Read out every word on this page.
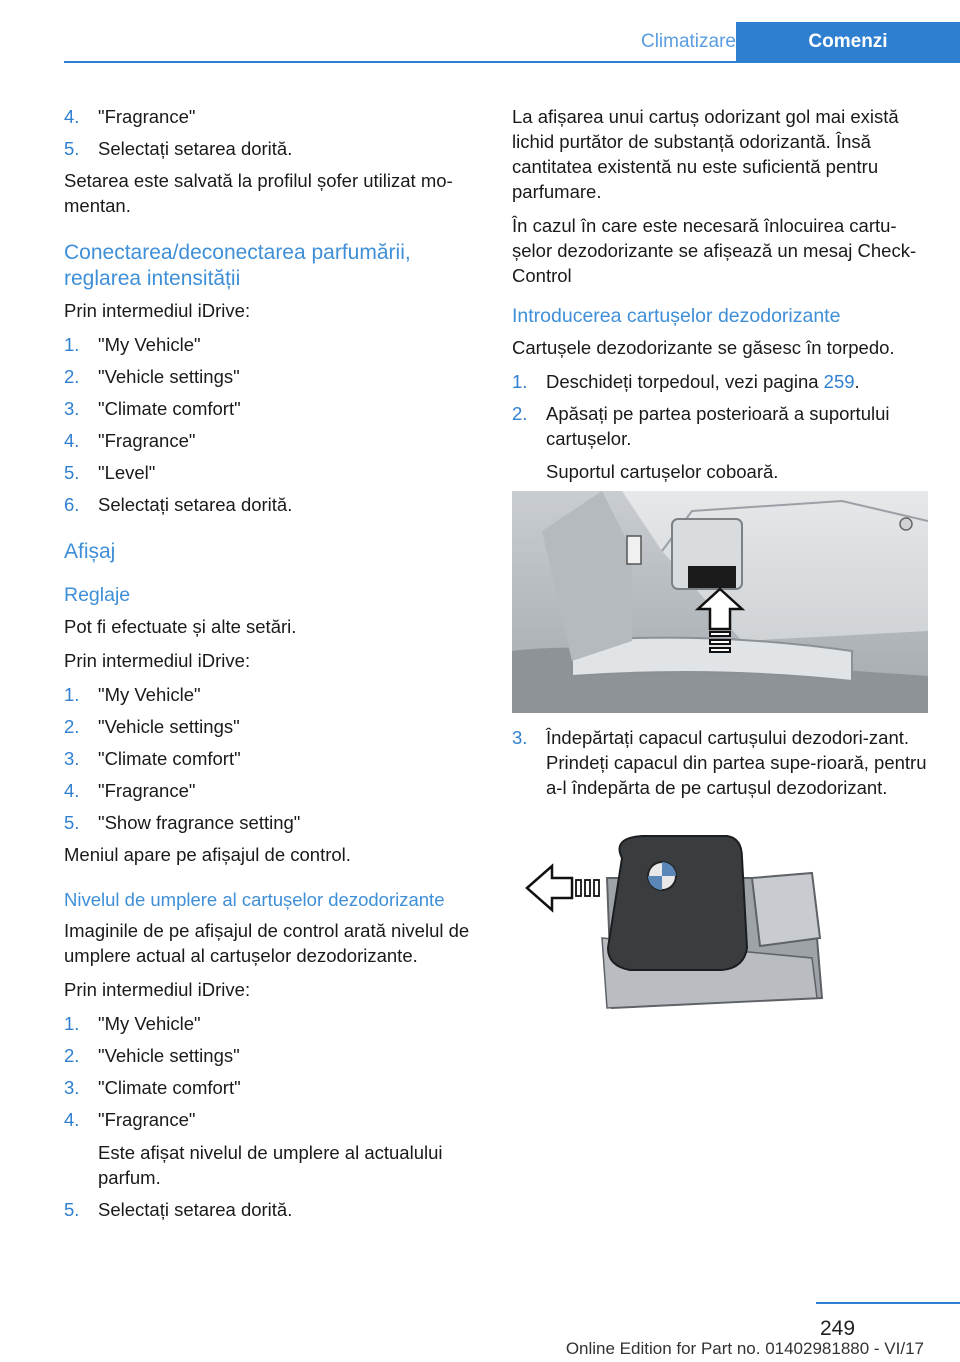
Climatizare	Comenzi
4. "Fragrance"
5. Selectați setarea dorită.

Setarea este salvată la profilul șofer utilizat mo‐mentan.

Conectarea/deconectarea parfumării, reglarea intensității

Prin intermediul iDrive:

1. "My Vehicle"
2. "Vehicle settings"
3. "Climate comfort"
4. "Fragrance"
5. "Level"
6. Selectați setarea dorită.
Afișaj
Reglaje

Pot fi efectuate și alte setări.

Prin intermediul iDrive:

1. "My Vehicle"
2. "Vehicle settings"
3. "Climate comfort"
4. "Fragrance"
5. "Show fragrance setting"

Meniul apare pe afișajul de control.

Nivelul de umplere al cartușelor dezodorizante

Imaginile de pe afișajul de control arată nivelul de umplere actual al cartușelor dezodorizante.

Prin intermediul iDrive:

1. "My Vehicle"
2. "Vehicle settings"
3. "Climate comfort"
4. "Fragrance"
Este afișat nivelul de umplere al actualului parfum.
5. Selectați setarea dorită.

La afișarea unui cartuș odorizant gol mai există lichid purtător de substanță odorizantă. Însă cantitatea existentă nu este suficientă pentru parfumare.

În cazul în care este necesară înlocuirea cartu‐șelor dezodorizante se afișează un mesaj Check-Control

Introducerea cartușelor dezodorizante

Cartușele dezodorizante se găsesc în torpedo.

1. Deschideți torpedoul, vezi pagina 259.
2. Apăsați pe partea posterioară a suportului cartușelor.
Suportul cartușelor coboară.
3. Îndepărtați capacul cartușului dezodori‐zant. Prindeți capacul din partea supe‐rioară, pentru a-l îndepărta de pe cartușul dezodorizant.
249
Online Edition for Part no. 01402981880 - VI/17
